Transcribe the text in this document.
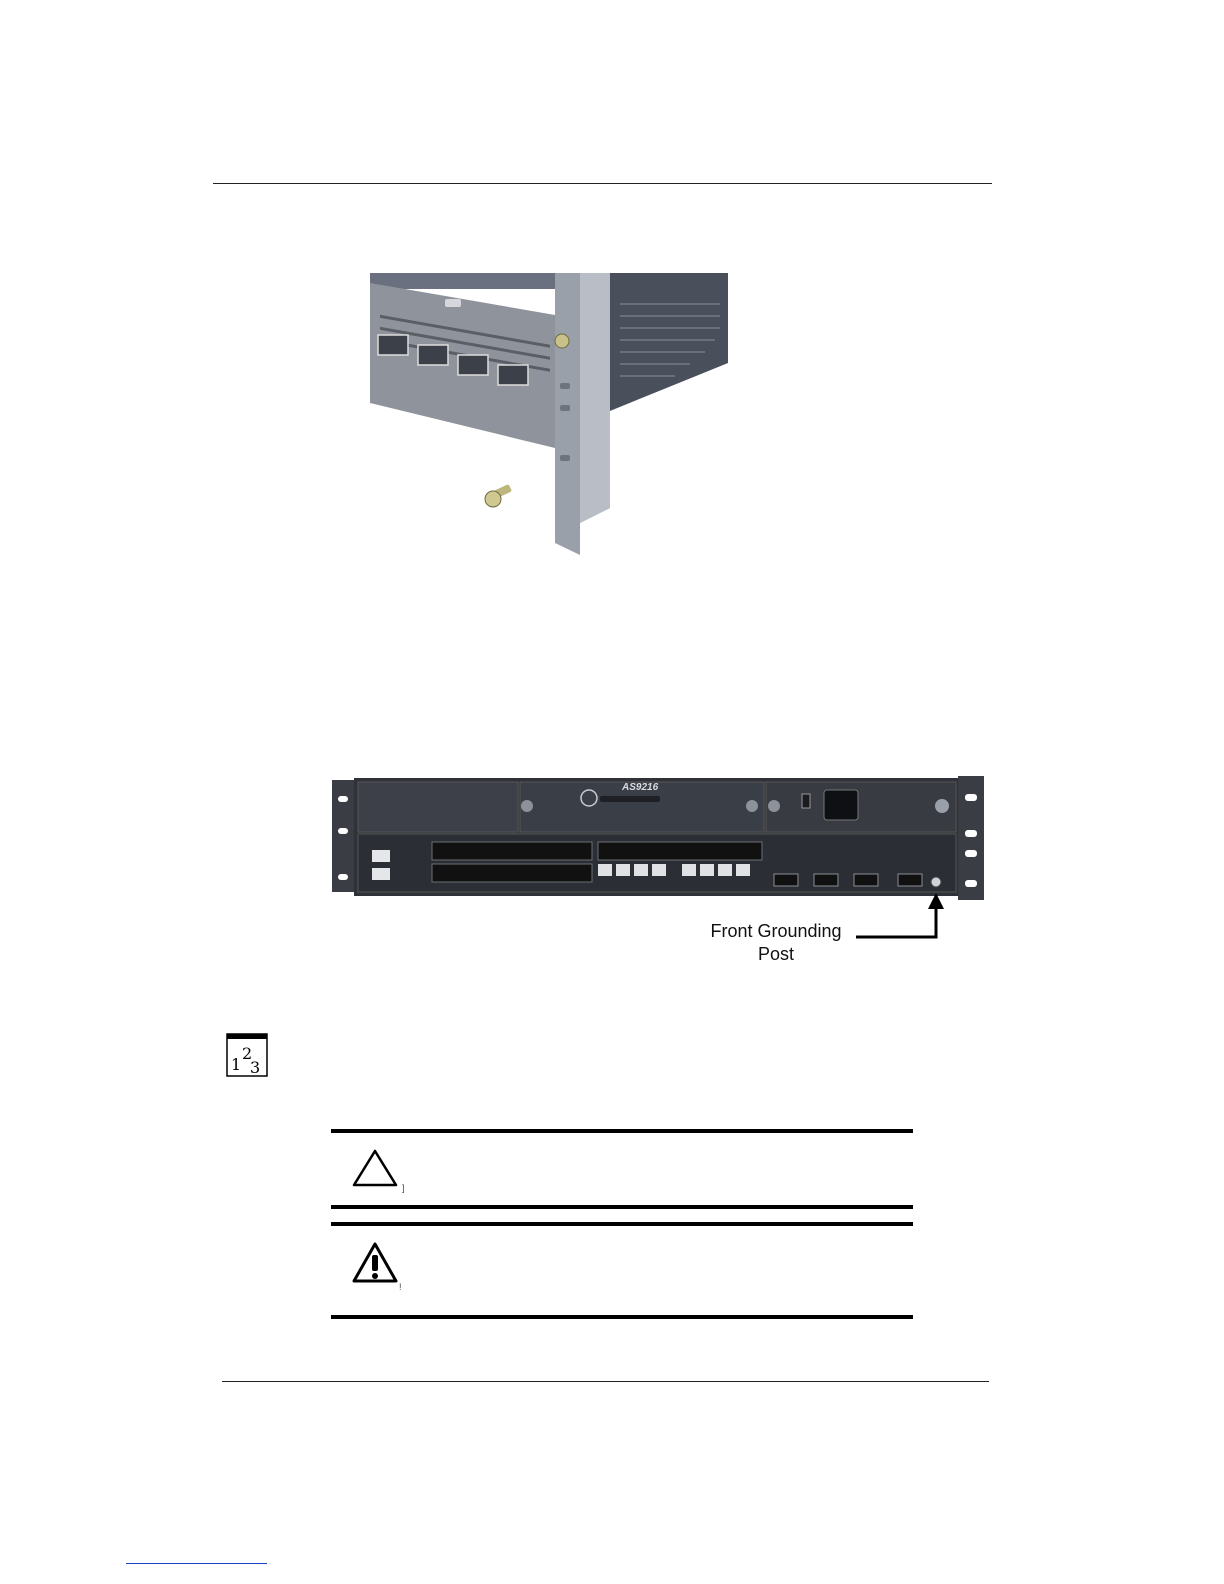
AS9216
Front Grounding
Post
1
2
3
]
!
